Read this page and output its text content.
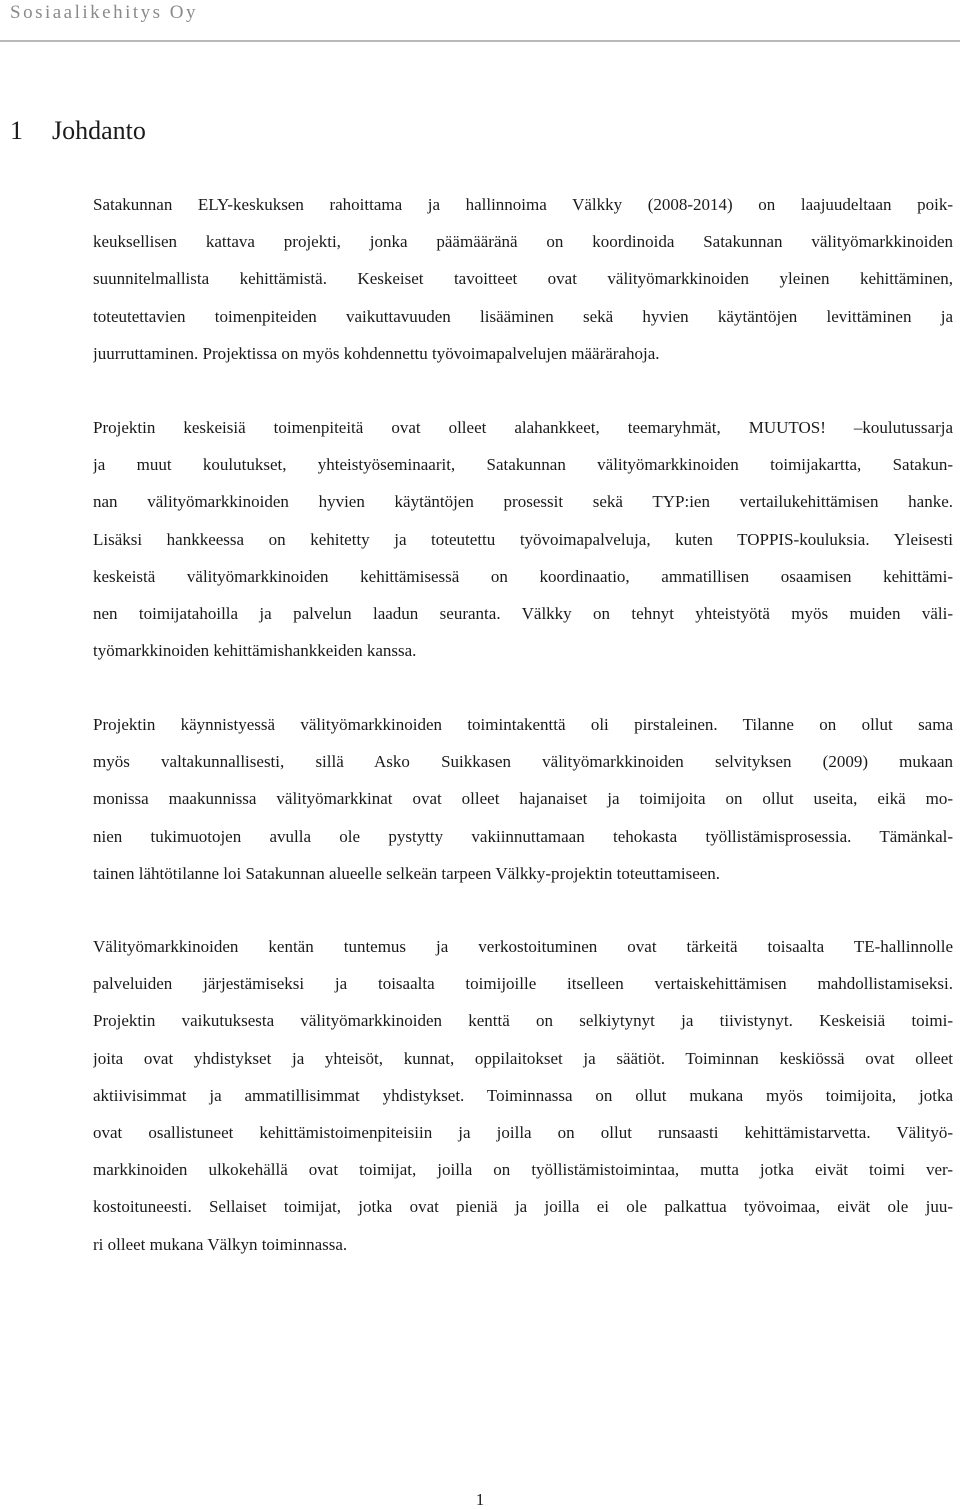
Sosiaalikehitys Oy
1 Johdanto
Satakunnan ELY-keskuksen rahoittama ja hallinnoima Välkky (2008-2014) on laajuudeltaan poik-
keuksellisen kattava projekti, jonka päämääränä on koordinoida Satakunnan välityömarkkinoiden
suunnitelmallista kehittämistä. Keskeiset tavoitteet ovat välityömarkkinoiden yleinen kehittäminen,
toteutettavien toimenpiteiden vaikuttavuuden lisääminen sekä hyvien käytäntöjen levittäminen ja
juurruttaminen. Projektissa on myös kohdennettu työvoimapalvelujen määrärahoja.
Projektin keskeisiä toimenpiteitä ovat olleet alahankkeet, teemaryhmät, MUUTOS! –koulutussarja
ja muut koulutukset, yhteistyöseminaarit, Satakunnan välityömarkkinoiden toimijakartta, Satakun-
nan välityömarkkinoiden hyvien käytäntöjen prosessit sekä TYP:ien vertailukehittämisen hanke.
Lisäksi hankkeessa on kehitetty ja toteutettu työvoimapalveluja, kuten TOPPIS-kouluksia. Yleisesti
keskeistä välityömarkkinoiden kehittämisessä on koordinaatio, ammatillisen osaamisen kehittämi-
nen toimijatahoilla ja palvelun laadun seuranta. Välkky on tehnyt yhteistyötä myös muiden väli-
työmarkkinoiden kehittämishankkeiden kanssa.
Projektin käynnistyessä välityömarkkinoiden toimintakenttä oli pirstaleinen. Tilanne on ollut sama
myös valtakunnallisesti, sillä Asko Suikkasen välityömarkkinoiden selvityksen (2009) mukaan
monissa maakunnissa välityömarkkinat ovat olleet hajanaiset ja toimijoita on ollut useita, eikä mo-
nien tukimuotojen avulla ole pystytty vakiinnuttamaan tehokasta työllistämisprosessia. Tämänkal-
tainen lähtötilanne loi Satakunnan alueelle selkeän tarpeen Välkky-projektin toteuttamiseen.
Välityömarkkinoiden kentän tuntemus ja verkostoituminen ovat tärkeitä toisaalta TE-hallinnolle
palveluiden järjestämiseksi ja toisaalta toimijoille itselleen vertaiskehittämisen mahdollistamiseksi.
Projektin vaikutuksesta välityömarkkinoiden kenttä on selkiytynyt ja tiivistynyt. Keskeisiä toimi-
joita ovat yhdistykset ja yhteisöt, kunnat, oppilaitokset ja säätiöt. Toiminnan keskiössä ovat olleet
aktiivisimmat ja ammatillisimmat yhdistykset. Toiminnassa on ollut mukana myös toimijoita, jotka
ovat osallistuneet kehittämistoimenpiteisiin ja joilla on ollut runsaasti kehittämistarvetta. Välityö-
markkinoiden ulkokehällä ovat toimijat, joilla on työllistämistoimintaa, mutta jotka eivät toimi ver-
kostoituneesti. Sellaiset toimijat, jotka ovat pieniä ja joilla ei ole palkattua työvoimaa, eivät ole juu-
ri olleet mukana Välkyn toiminnassa.
1
